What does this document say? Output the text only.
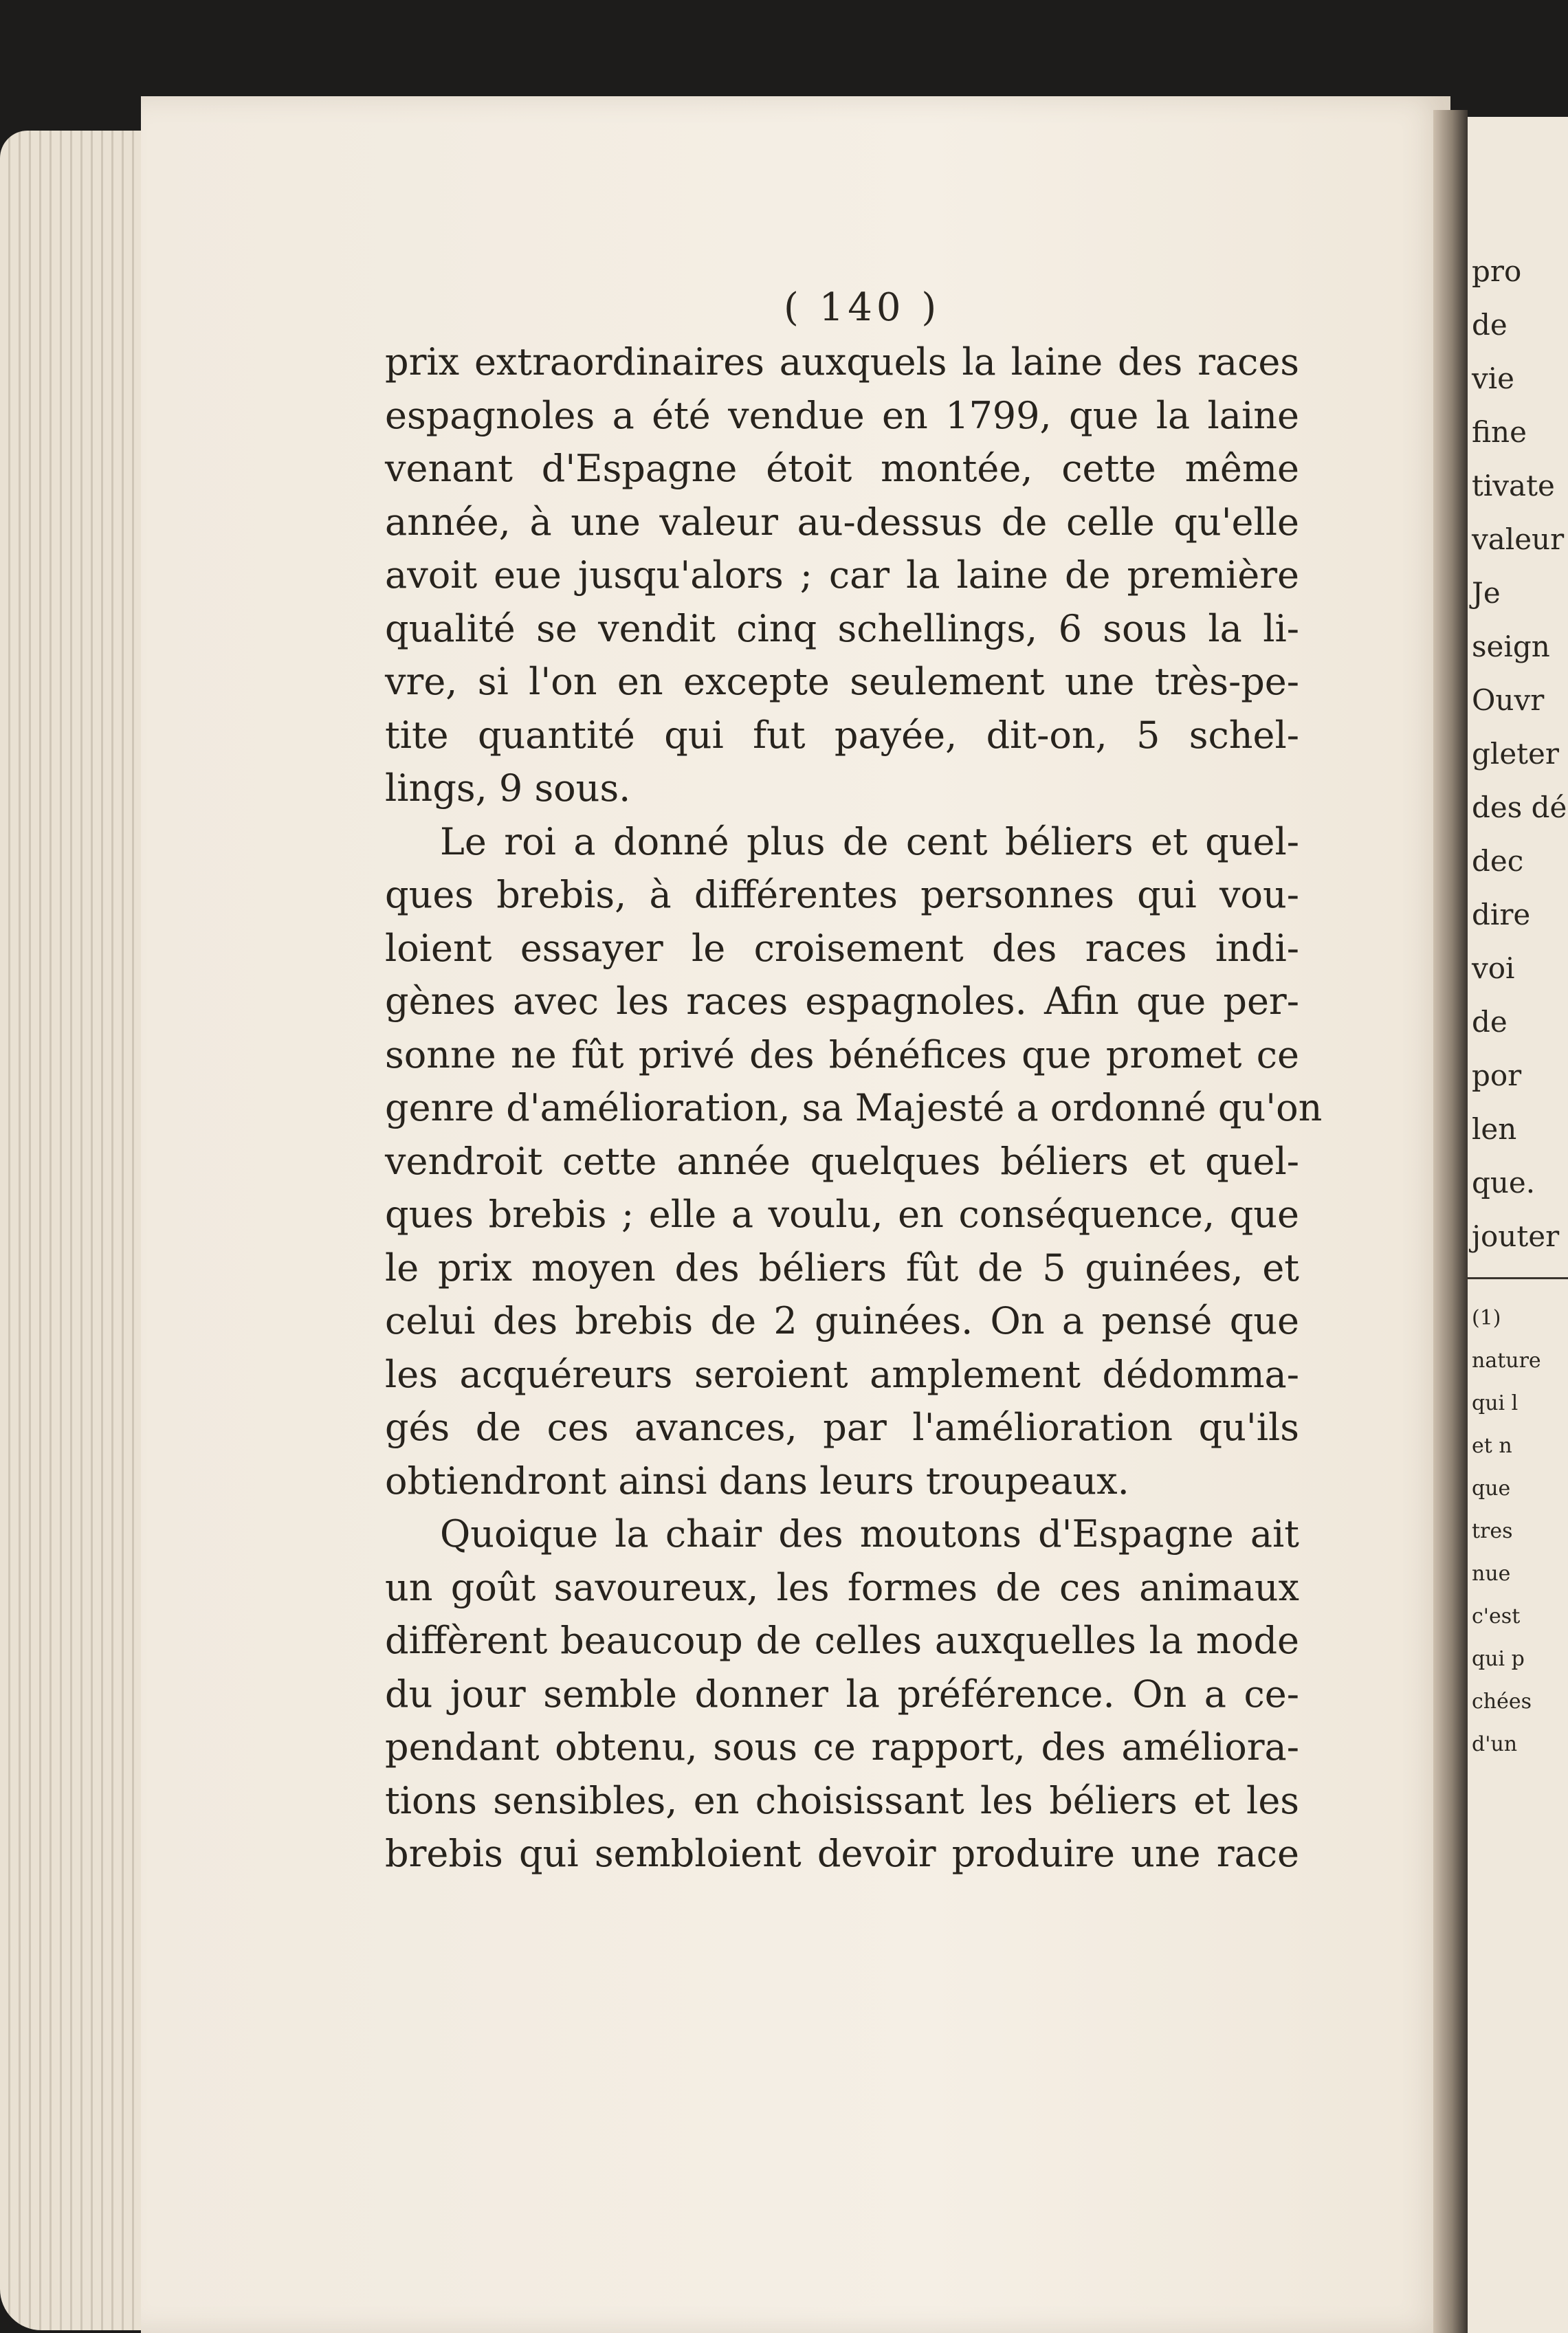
pro
de
vie
fine
tivate
valeur
Je
seign
Ouvr
gleter
des dé
dec
dire
voi
de
por
len
que.
jouter
(1)
nature
qui l
et n
que
tres
nue
c'est
qui p
chées
d'un
( 140 )
prix extraordinaires auxquels la laine des races
espagnoles a été vendue en 1799, que la laine
venant d'Espagne étoit montée, cette même
année, à une valeur au-dessus de celle qu'elle
avoit eue jusqu'alors ; car la laine de première
qualité se vendit cinq schellings, 6 sous la li-
vre, si l'on en excepte seulement une très-pe-
tite quantité qui fut payée, dit-on, 5 schel-
lings, 9 sous.
Le roi a donné plus de cent béliers et quel-
ques brebis, à différentes personnes qui vou-
loient essayer le croisement des races indi-
gènes avec les races espagnoles. Afin que per-
sonne ne fût privé des bénéfices que promet ce
genre d'amélioration, sa Majesté a ordonné qu'on
vendroit cette année quelques béliers et quel-
ques brebis ; elle a voulu, en conséquence, que
le prix moyen des béliers fût de 5 guinées, et
celui des brebis de 2 guinées. On a pensé que
les acquéreurs seroient amplement dédomma-
gés de ces avances, par l'amélioration qu'ils
obtiendront ainsi dans leurs troupeaux.
Quoique la chair des moutons d'Espagne ait
un goût savoureux, les formes de ces animaux
diffèrent beaucoup de celles auxquelles la mode
du jour semble donner la préférence. On a ce-
pendant obtenu, sous ce rapport, des améliora-
tions sensibles, en choisissant les béliers et les
brebis qui sembloient devoir produire une race
